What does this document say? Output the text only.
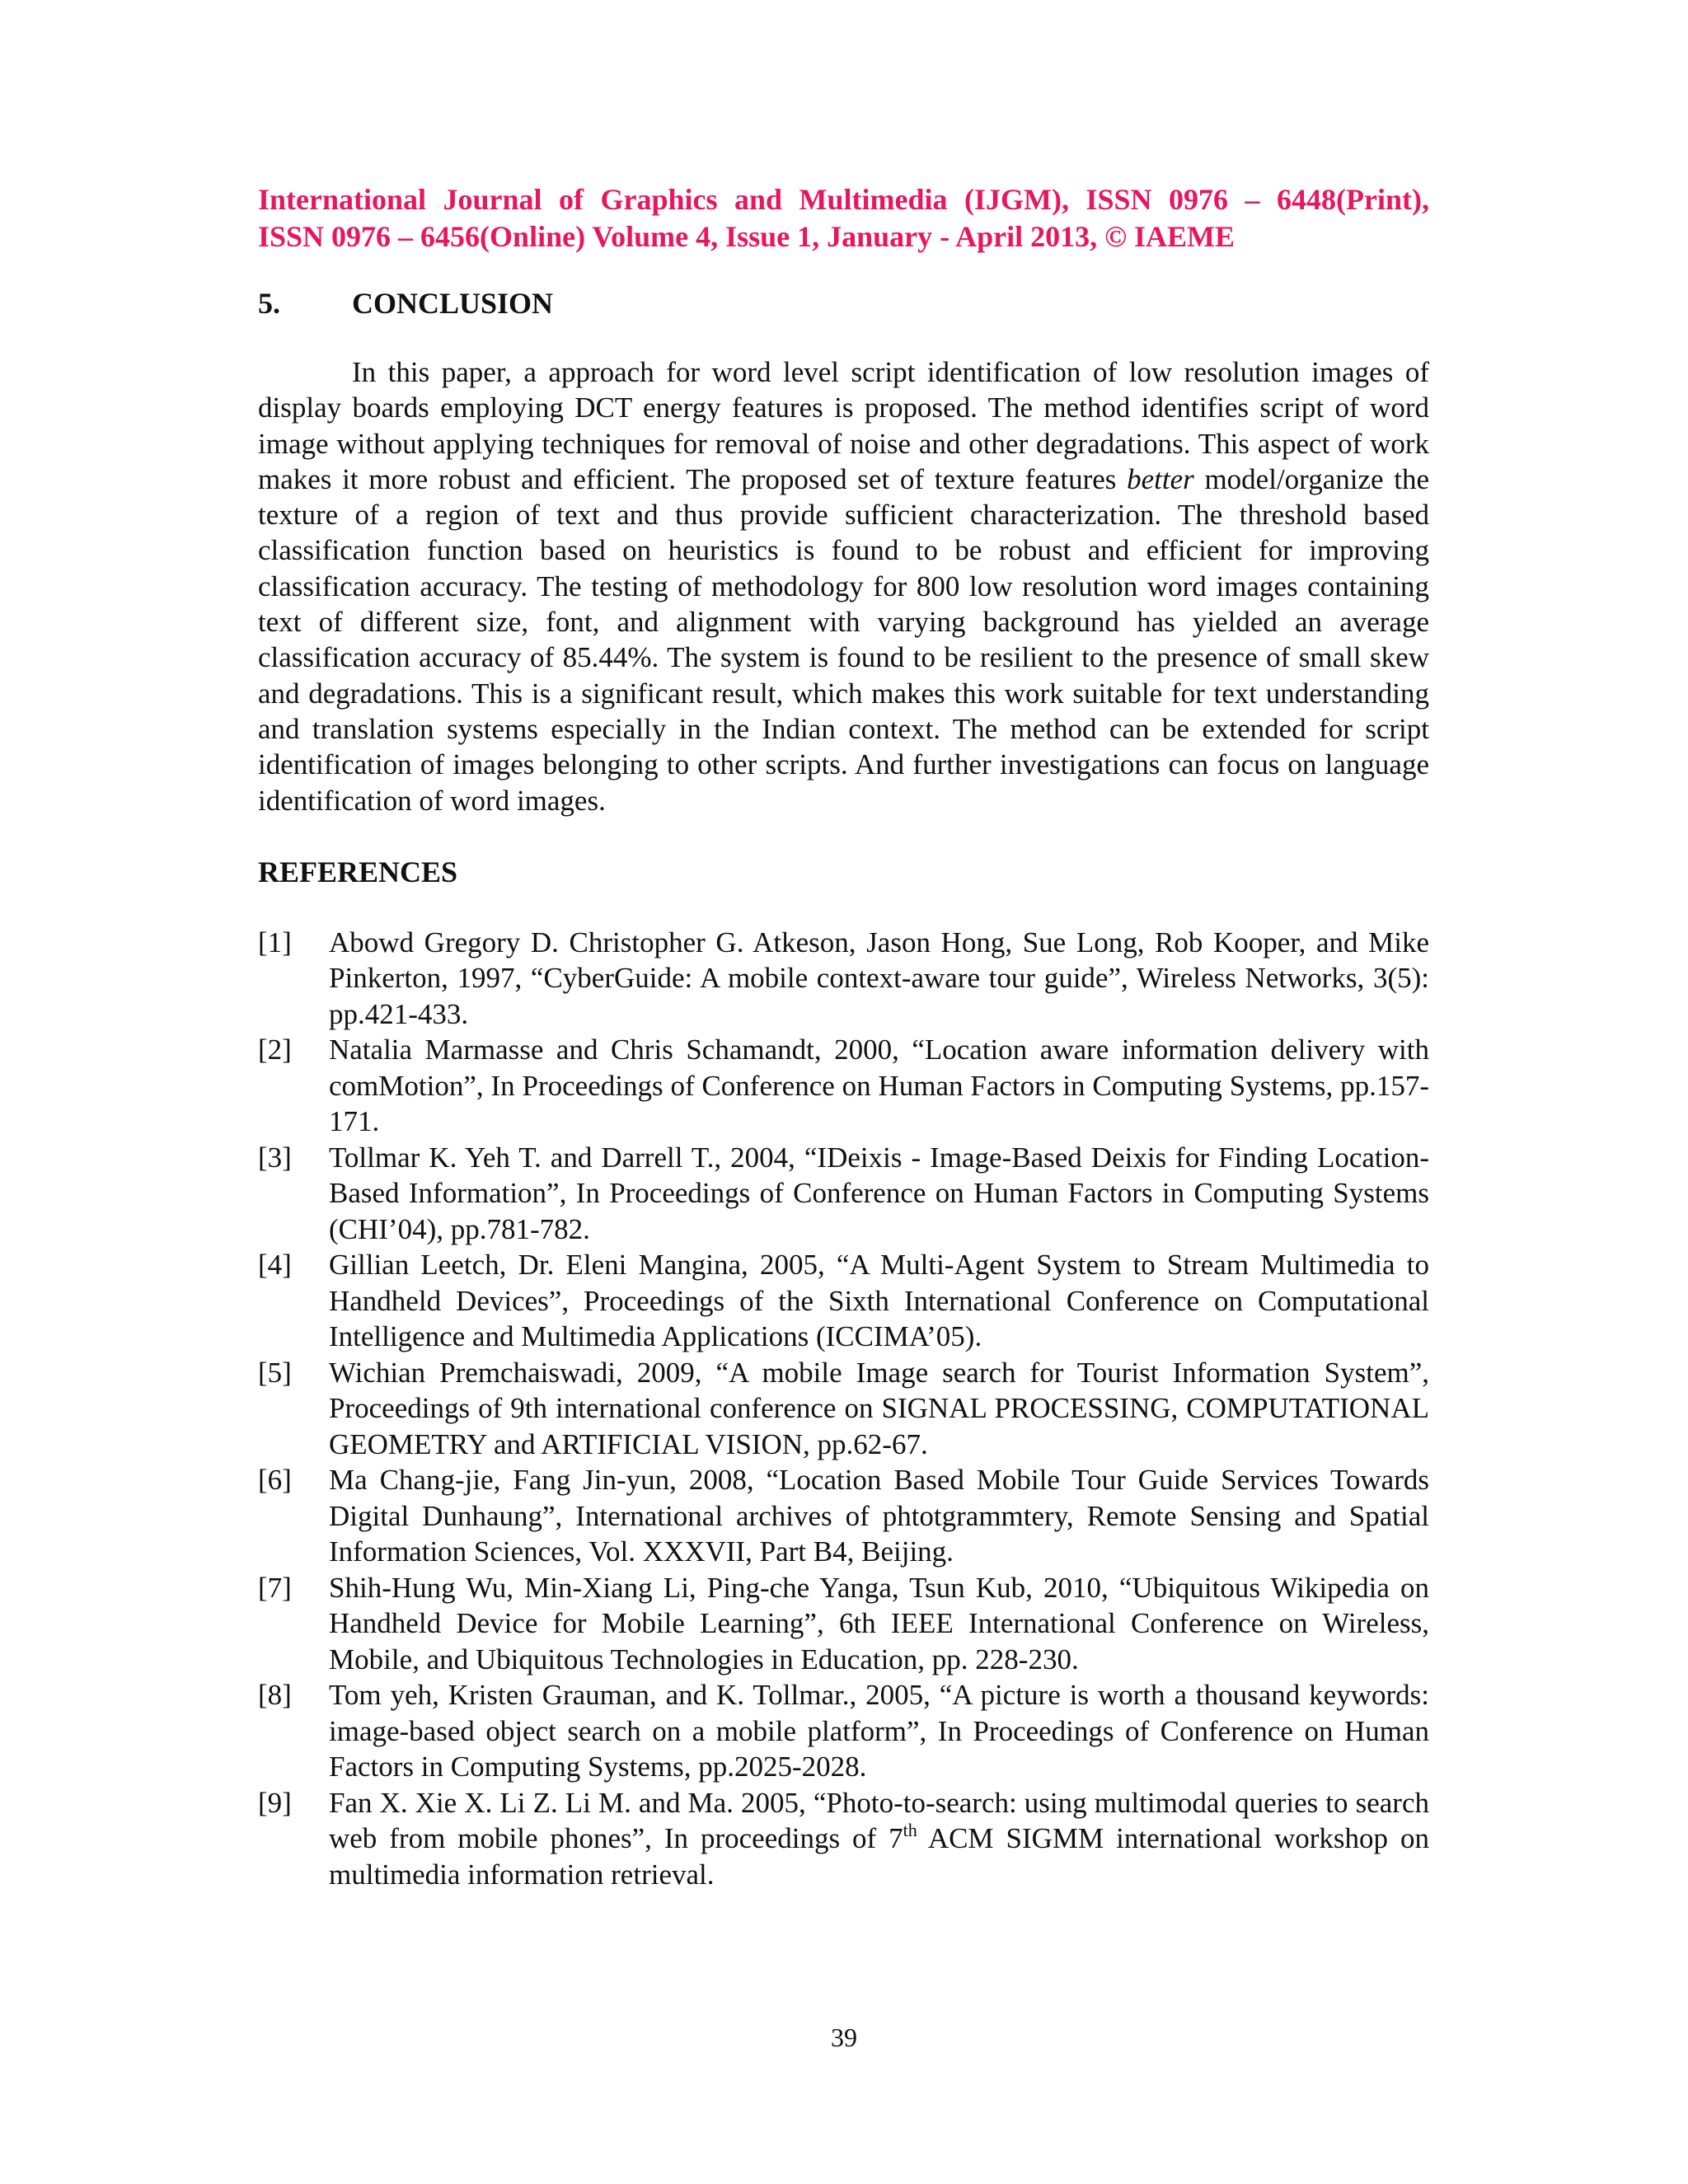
International Journal of Graphics and Multimedia (IJGM), ISSN 0976 – 6448(Print),
ISSN 0976 – 6456(Online) Volume 4, Issue 1, January - April 2013, © IAEME
5.	CONCLUSION

In this paper, a approach for word level script identification of low resolution images of display boards employing DCT energy features is proposed. The method identifies script of word image without applying techniques for removal of noise and other degradations. This aspect of work makes it more robust and efficient. The proposed set of texture features better model/organize the texture of a region of text and thus provide sufficient characterization. The threshold based classification function based on heuristics is found to be robust and efficient for improving classification accuracy. The testing of methodology for 800 low resolution word images containing text of different size, font, and alignment with varying background has yielded an average classification accuracy of 85.44%. The system is found to be resilient to the presence of small skew and degradations. This is a significant result, which makes this work suitable for text understanding and translation systems especially in the Indian context. The method can be extended for script identification of images belonging to other scripts. And further investigations can focus on language identification of word images.

REFERENCES
[1]	Abowd Gregory D. Christopher G. Atkeson, Jason Hong, Sue Long, Rob Kooper, and Mike Pinkerton, 1997, “CyberGuide: A mobile context-aware tour guide”, Wireless Networks, 3(5): pp.421-433.
[2]	Natalia Marmasse and Chris Schamandt, 2000, “Location aware information delivery with comMotion”, In Proceedings of Conference on Human Factors in Computing Systems, pp.157-171.
[3]	Tollmar K. Yeh T. and Darrell T., 2004, “IDeixis - Image-Based Deixis for Finding Location-Based Information”, In Proceedings of Conference on Human Factors in Computing Systems (CHI’04), pp.781-782.
[4]	Gillian Leetch, Dr. Eleni Mangina, 2005, “A Multi-Agent System to Stream Multimedia to Handheld Devices”, Proceedings of the Sixth International Conference on Computational Intelligence and Multimedia Applications (ICCIMA’05).
[5]	Wichian Premchaiswadi, 2009, “A mobile Image search for Tourist Information System”, Proceedings of 9th international conference on SIGNAL PROCESSING, COMPUTATIONAL GEOMETRY and ARTIFICIAL VISION, pp.62-67.
[6]	Ma Chang-jie, Fang Jin-yun, 2008, “Location Based Mobile Tour Guide Services Towards Digital Dunhaung”, International archives of phtotgrammtery, Remote Sensing and Spatial Information Sciences, Vol. XXXVII, Part B4, Beijing.
[7]	Shih-Hung Wu, Min-Xiang Li, Ping-che Yanga, Tsun Kub, 2010, “Ubiquitous Wikipedia on Handheld Device for Mobile Learning”, 6th IEEE International Conference on Wireless, Mobile, and Ubiquitous Technologies in Education, pp. 228-230.
[8]	Tom yeh, Kristen Grauman, and K. Tollmar., 2005, “A picture is worth a thousand keywords: image-based object search on a mobile platform”, In Proceedings of Conference on Human Factors in Computing Systems, pp.2025-2028.
[9]	Fan X. Xie X. Li Z. Li M. and Ma. 2005, “Photo-to-search: using multimodal queries to search web from mobile phones”, In proceedings of 7th ACM SIGMM international workshop on multimedia information retrieval.
39
